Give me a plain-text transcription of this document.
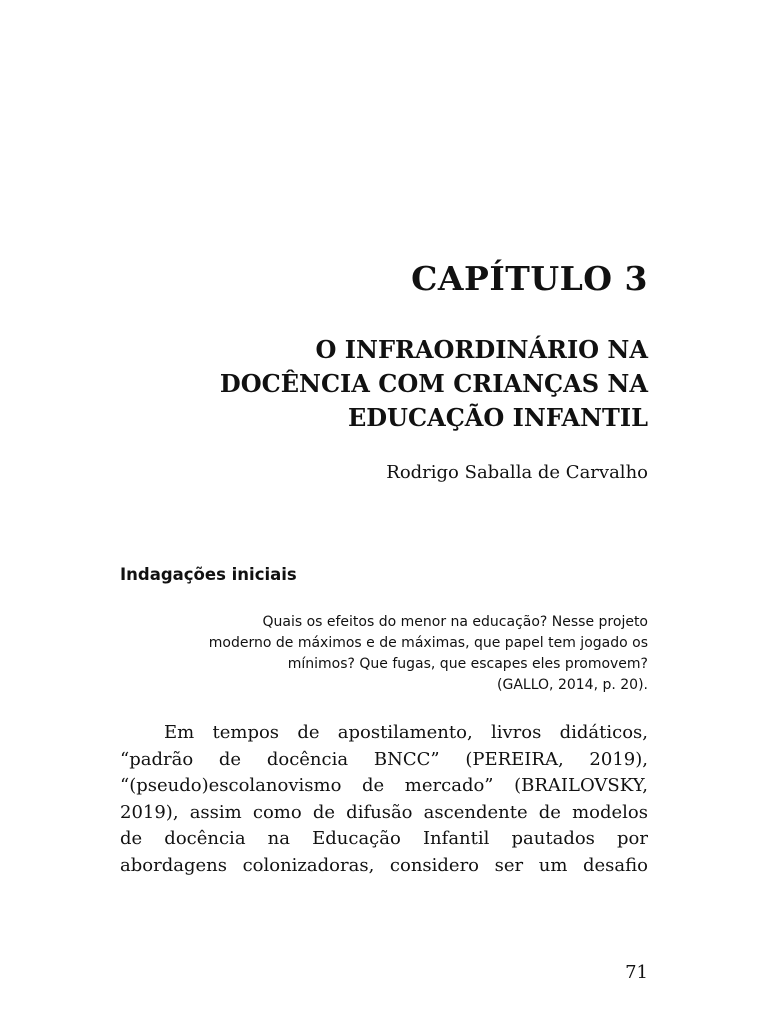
CAPÍTULO 3
O INFRAORDINÁRIO NA
DOCÊNCIA COM CRIANÇAS NA
EDUCAÇÃO INFANTIL

Rodrigo Saballa de Carvalho

Indagações iniciais
Quais os efeitos do menor na educação? Nesse projeto
moderno de máximos e de máximas, que papel tem jogado os
mínimos? Que fugas, que escapes eles promovem?
(GALLO, 2014, p. 20).
Em tempos de apostilamento, livros didáticos,
“padrão de docência BNCC” (PEREIRA, 2019),
“(pseudo)escolanovismo de mercado” (BRAILOVSKY,
2019), assim como de difusão ascendente de modelos
de docência na Educação Infantil pautados por
abordagens colonizadoras, considero ser um desafio

71
